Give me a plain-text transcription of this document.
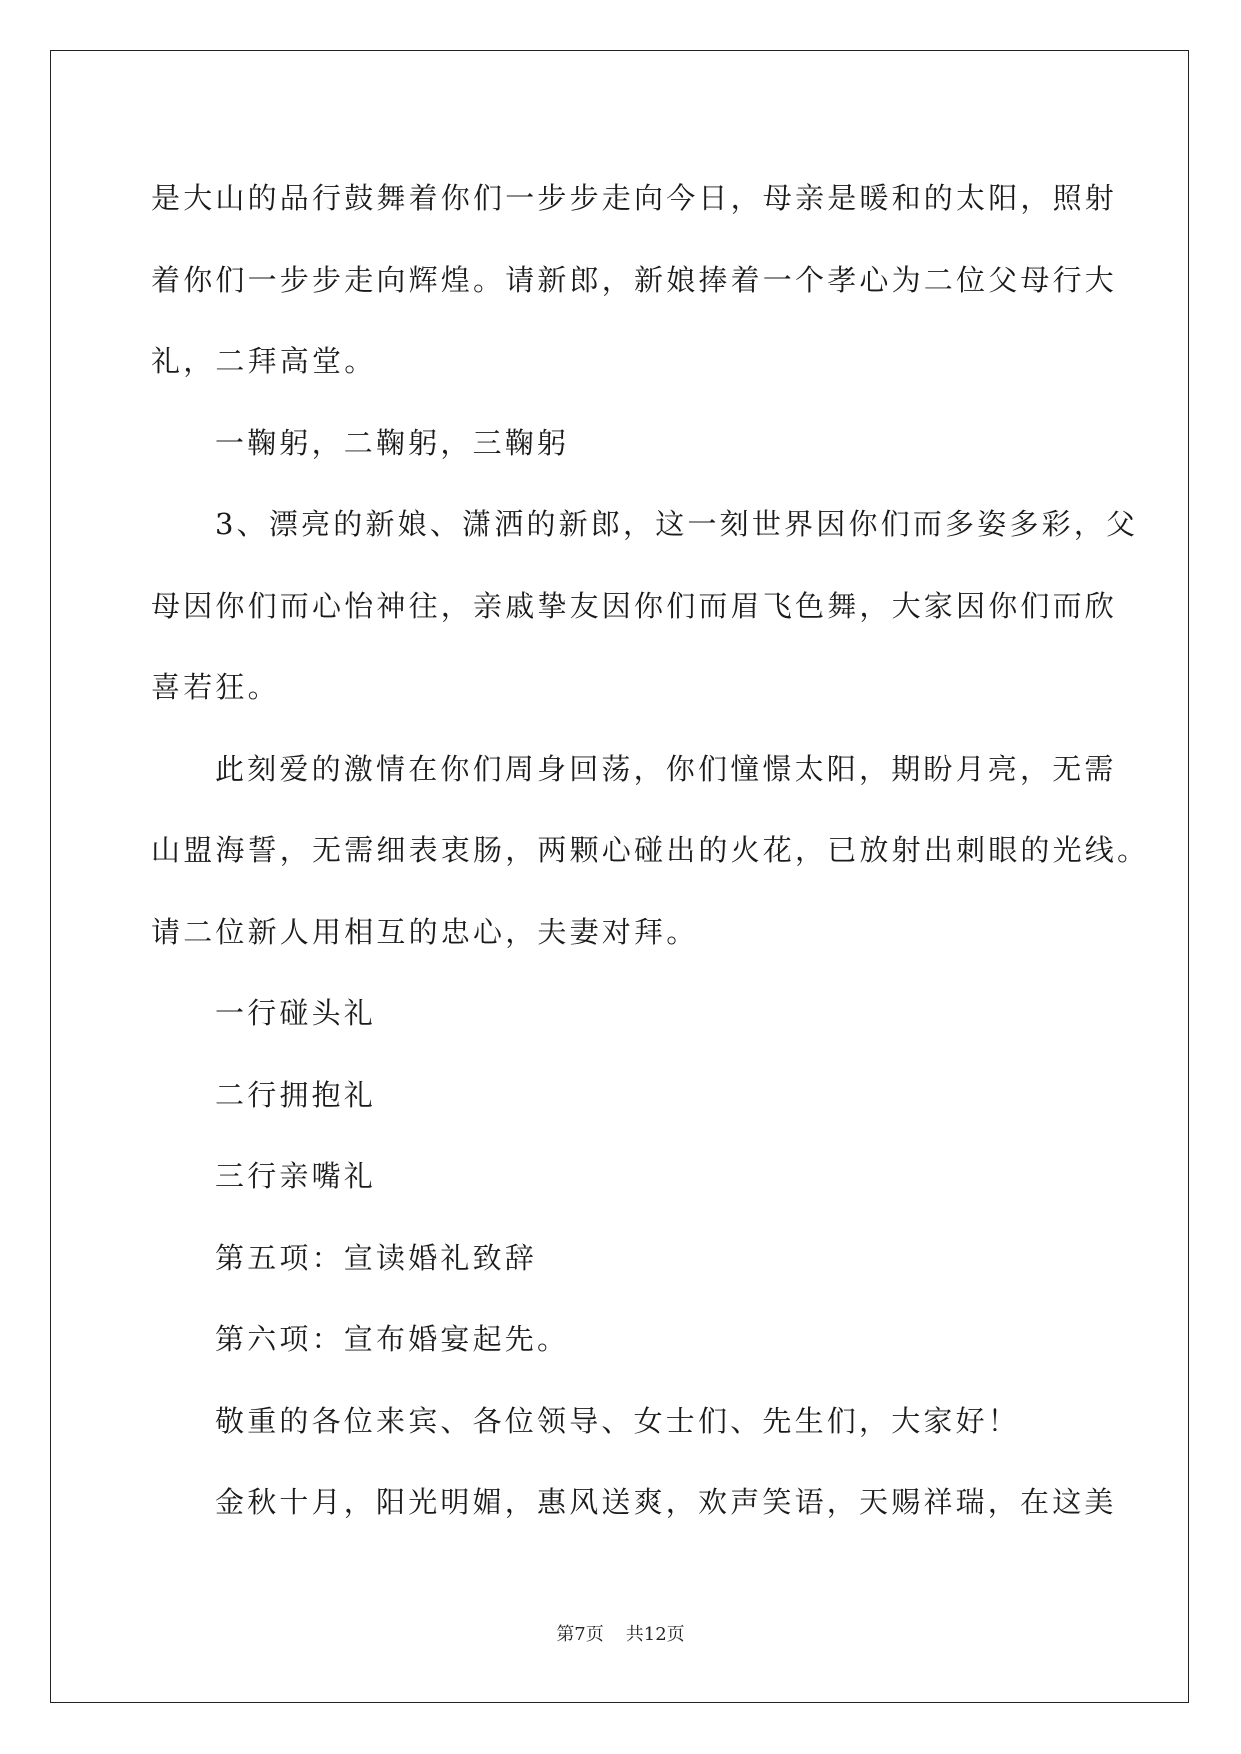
是大山的品行鼓舞着你们一步步走向今日，母亲是暖和的太阳，照射

着你们一步步走向辉煌。请新郎，新娘捧着一个孝心为二位父母行大

礼，二拜高堂。

一鞠躬，二鞠躬，三鞠躬

3、漂亮的新娘、潇洒的新郎，这一刻世界因你们而多姿多彩，父

母因你们而心怡神往，亲戚挚友因你们而眉飞色舞，大家因你们而欣

喜若狂。

此刻爱的激情在你们周身回荡，你们憧憬太阳，期盼月亮，无需

山盟海誓，无需细表衷肠，两颗心碰出的火花，已放射出刺眼的光线。

请二位新人用相互的忠心，夫妻对拜。

一行碰头礼

二行拥抱礼

三行亲嘴礼

第五项：宣读婚礼致辞

第六项：宣布婚宴起先。

敬重的各位来宾、各位领导、女士们、先生们，大家好！

金秋十月，阳光明媚，惠风送爽，欢声笑语，天赐祥瑞，在这美

第7页 共12页
